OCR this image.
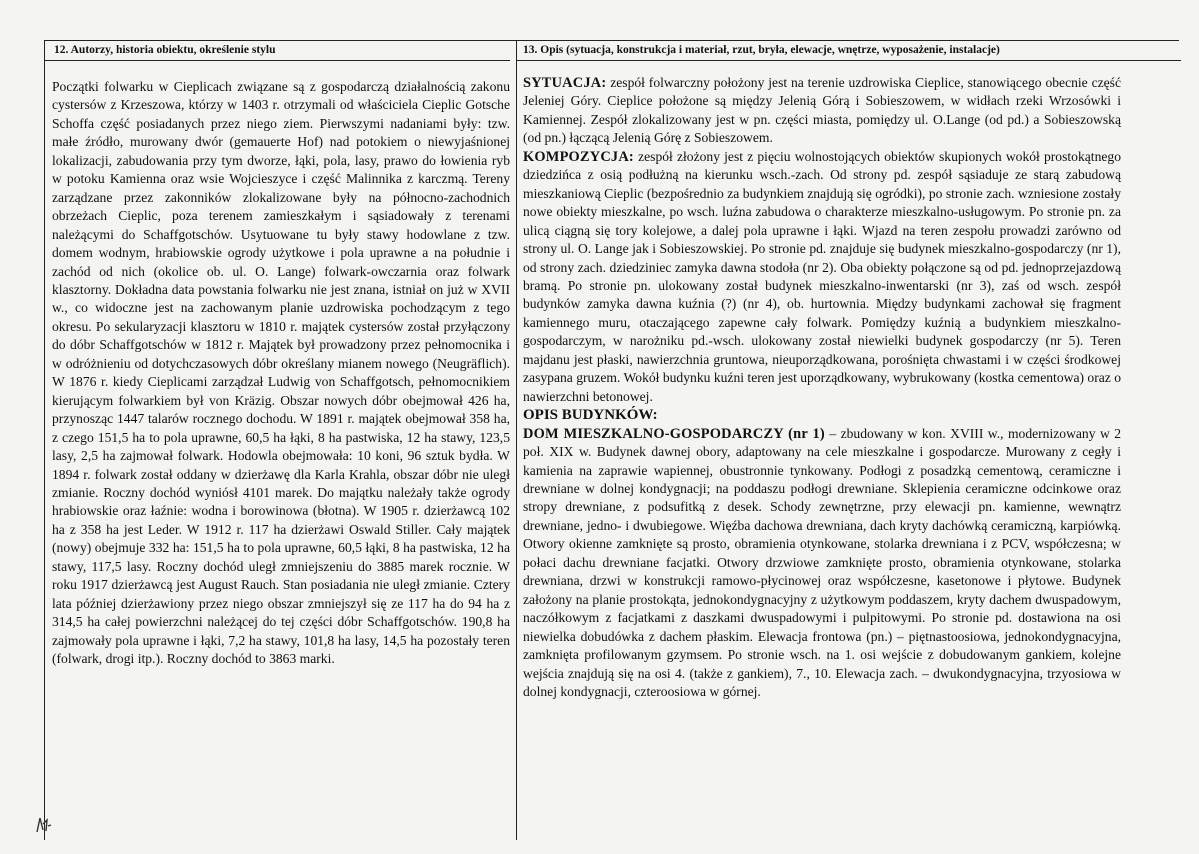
12. Autorzy, historia obiektu, określenie stylu

Początki folwarku w Cieplicach związane są z gospodarczą działalnością zakonu cystersów z Krzeszowa, którzy w 1403 r. otrzymali od właściciela Cieplic Gotsche Schoffa część posiadanych przez niego ziem. Pierwszymi nadaniami były: tzw. małe źródło, murowany dwór (gemauerte Hof) nad potokiem o niewyjaśnionej lokalizacji, zabudowania przy tym dworze, łąki, pola, lasy, prawo do łowienia ryb w potoku Kamienna oraz wsie Wojcieszyce i część Malinnika z karczmą. Tereny zarządzane przez zakonników zlokalizowane były na północno-zachodnich obrzeżach Cieplic, poza terenem zamieszkałym i sąsiadowały z terenami należącymi do Schaffgotschów. Usytuowane tu były stawy hodowlane z tzw. domem wodnym, hrabiowskie ogrody użytkowe i pola uprawne a na południe i zachód od nich (okolice ob. ul. O. Lange) folwark-owczarnia oraz folwark klasztorny. Dokładna data powstania folwarku nie jest znana, istniał on już w XVII w., co widoczne jest na zachowanym planie uzdrowiska pochodzącym z tego okresu. Po sekularyzacji klasztoru w 1810 r. majątek cystersów został przyłączony do dóbr Schaffgotschów w 1812 r. Majątek był prowadzony przez pełnomocnika i w odróżnieniu od dotychczasowych dóbr określany mianem nowego (Neugräflich). W 1876 r. kiedy Cieplicami zarządzał Ludwig von Schaffgotsch, pełnomocnikiem kierującym folwarkiem był von Kräzig. Obszar nowych dóbr obejmował 426 ha, przynosząc 1447 talarów rocznego dochodu. W 1891 r. majątek obejmował 358 ha, z czego 151,5 ha to pola uprawne, 60,5 ha łąki, 8 ha pastwiska, 12 ha stawy, 123,5 lasy, 2,5 ha zajmował folwark. Hodowla obejmowała: 10 koni, 96 sztuk bydła. W 1894 r. folwark został oddany w dzierżawę dla Karla Krahla, obszar dóbr nie uległ zmianie. Roczny dochód wyniósł 4101 marek. Do majątku należały także ogrody hrabiowskie oraz łaźnie: wodna i borowinowa (błotna). W 1905 r. dzierżawcą 102 ha z 358 ha jest Leder. W 1912 r. 117 ha dzierżawi Oswald Stiller. Cały majątek (nowy) obejmuje 332 ha: 151,5 ha to pola uprawne, 60,5 łąki, 8 ha pastwiska, 12 ha stawy, 117,5 lasy. Roczny dochód uległ zmniejszeniu do 3885 marek rocznie. W roku 1917 dzierżawcą jest August Rauch. Stan posiadania nie uległ zmianie. Cztery lata później dzierżawiony przez niego obszar zmniejszył się ze 117 ha do 94 ha z 314,5 ha całej powierzchni należącej do tej części dóbr Schaffgotschów. 190,8 ha zajmowały pola uprawne i łąki, 7,2 ha stawy, 101,8 ha lasy, 14,5 ha pozostały teren (folwark, drogi itp.). Roczny dochód to 3863 marki.

13. Opis (sytuacja, konstrukcja i materiał, rzut, bryła, elewacje, wnętrze, wyposażenie, instalacje)

SYTUACJA: zespół folwarczny położony jest na terenie uzdrowiska Cieplice, stanowiącego obecnie część Jeleniej Góry. Cieplice położone są między Jelenią Górą i Sobieszowem, w widłach rzeki Wrzosówki i Kamiennej. Zespół zlokalizowany jest w pn. części miasta, pomiędzy ul. O.Lange (od pd.) a Sobieszowską (od pn.) łączącą Jelenią Górę z Sobieszowem.

KOMPOZYCJA: zespół złożony jest z pięciu wolnostojących obiektów skupionych wokół prostokątnego dziedzińca z osią podłużną na kierunku wsch.-zach. Od strony pd. zespół sąsiaduje ze starą zabudową mieszkaniową Cieplic (bezpośrednio za budynkiem znajdują się ogródki), po stronie zach. wzniesione zostały nowe obiekty mieszkalne, po wsch. luźna zabudowa o charakterze mieszkalno-usługowym. Po stronie pn. za ulicą ciągną się tory kolejowe, a dalej pola uprawne i łąki. Wjazd na teren zespołu prowadzi zarówno od strony ul. O. Lange jak i Sobieszowskiej. Po stronie pd. znajduje się budynek mieszkalno-gospodarczy (nr 1), od strony zach. dziedziniec zamyka dawna stodoła (nr 2). Oba obiekty połączone są od pd. jednoprzejazdową bramą. Po stronie pn. ulokowany został budynek mieszkalno-inwentarski (nr 3), zaś od wsch. zespół budynków zamyka dawna kuźnia (?) (nr 4), ob. hurtownia. Między budynkami zachował się fragment kamiennego muru, otaczającego zapewne cały folwark. Pomiędzy kuźnią a budynkiem mieszkalno-gospodarczym, w narożniku pd.-wsch. ulokowany został niewielki budynek gospodarczy (nr 5). Teren majdanu jest płaski, nawierzchnia gruntowa, nieuporządkowana, porośnięta chwastami i w części środkowej zasypana gruzem. Wokół budynku kuźni teren jest uporządkowany, wybrukowany (kostka cementowa) oraz o nawierzchni betonowej.

OPIS BUDYNKÓW:

DOM MIESZKALNO-GOSPODARCZY (nr 1) – zbudowany w kon. XVIII w., modernizowany w 2 poł. XIX w. Budynek dawnej obory, adaptowany na cele mieszkalne i gospodarcze. Murowany z cegły i kamienia na zaprawie wapiennej, obustronnie tynkowany. Podłogi z posadzką cementową, ceramiczne i drewniane w dolnej kondygnacji; na poddaszu podłogi drewniane. Sklepienia ceramiczne odcinkowe oraz stropy drewniane, z podsufitką z desek. Schody zewnętrzne, przy elewacji pn. kamienne, wewnątrz drewniane, jedno- i dwubiegowe. Więźba dachowa drewniana, dach kryty dachówką ceramiczną, karpiówką. Otwory okienne zamknięte są prosto, obramienia otynkowane, stolarka drewniana i z PCV, współczesna; w połaci dachu drewniane facjatki. Otwory drzwiowe zamknięte prosto, obramienia otynkowane, stolarka drewniana, drzwi w konstrukcji ramowo-płycinowej oraz współczesne, kasetonowe i płytowe. Budynek założony na planie prostokąta, jednokondygnacyjny z użytkowym poddaszem, kryty dachem dwuspadowym, naczółkowym z facjatkami z daszkami dwuspadowymi i pulpitowymi. Po stronie pd. dostawiona na osi niewielka dobudówka z dachem płaskim. Elewacja frontowa (pn.) – piętnastoosiowa, jednokondygnacyjna, zamknięta profilowanym gzymsem. Po stronie wsch. na 1. osi wejście z dobudowanym gankiem, kolejne wejścia znajdują się na osi 4. (także z gankiem), 7., 10. Elewacja zach. – dwukondygnacyjna, trzyosiowa w dolnej kondygnacji, czteroosiowa w górnej.
